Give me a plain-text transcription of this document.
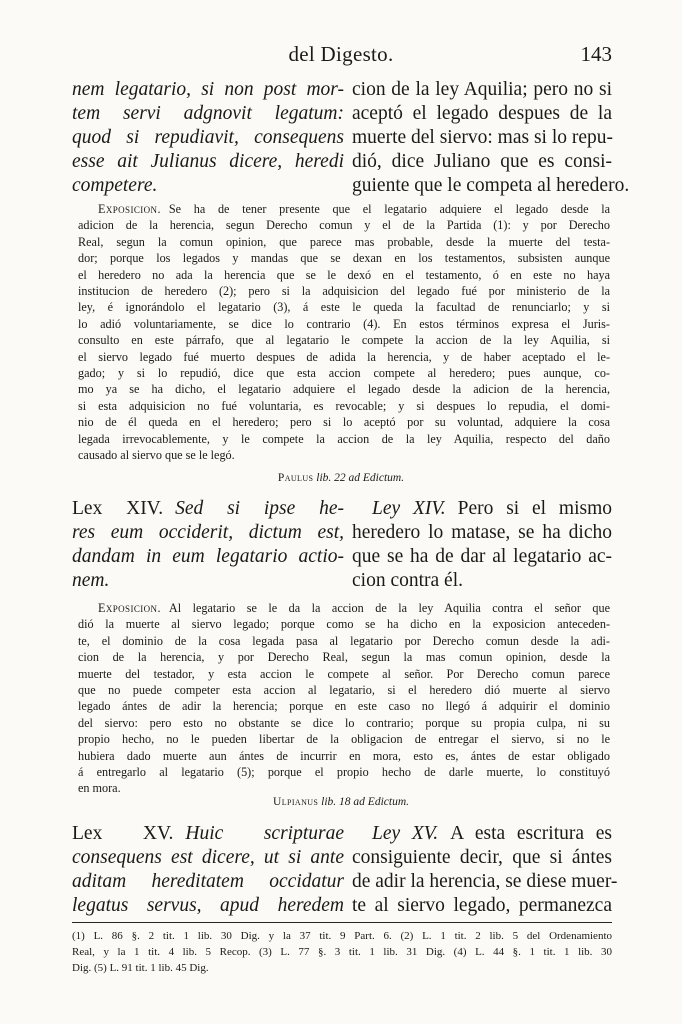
del Digesto.	143
nem legatario, si non post mor-
tem servi adgnovit legatum:
quod si repudiavit, consequens
esse ait Julianus dicere, heredi
competere.
cion de la ley Aquilia; pero no si
aceptó el legado despues de la
muerte del siervo: mas si lo repu-
dió, dice Juliano que es consi-
guiente que le competa al heredero.
Exposicion. Se ha de tener presente que el legatario adquiere el legado desde la
adicion de la herencia, segun Derecho comun y el de la Partida (1): y por Derecho
Real, segun la comun opinion, que parece mas probable, desde la muerte del testa-
dor; porque los legados y mandas que se dexan en los testamentos, subsisten aunque
el heredero no ada la herencia que se le dexó en el testamento, ó en este no haya
institucion de heredero (2); pero si la adquisicion del legado fué por ministerio de la
ley, é ignorándolo el legatario (3), á este le queda la facultad de renunciarlo; y si
lo adió voluntariamente, se dice lo contrario (4). En estos términos expresa el Juris-
consulto en este párrafo, que al legatario le compete la accion de la ley Aquilia, si
el siervo legado fué muerto despues de adida la herencia, y de haber aceptado el le-
gado; y si lo repudió, dice que esta accion compete al heredero; pues aunque, co-
mo ya se ha dicho, el legatario adquiere el legado desde la adicion de la herencia,
si esta adquisicion no fué voluntaria, es revocable; y si despues lo repudia, el domi-
nio de él queda en el heredero; pero si lo aceptó por su voluntad, adquiere la cosa
legada irrevocablemente, y le compete la accion de la ley Aquilia, respecto del daño
causado al siervo que se le legó.
Paulus lib. 22 ad Edictum.
Lex XIV. Sed si ipse he-
res eum occiderit, dictum est,
dandam in eum legatario actio-
nem.
Ley XIV. Pero si el mismo
heredero lo matase, se ha dicho
que se ha de dar al legatario ac-
cion contra él.
Exposicion. Al legatario se le da la accion de la ley Aquilia contra el señor que
dió la muerte al siervo legado; porque como se ha dicho en la exposicion anteceden-
te, el dominio de la cosa legada pasa al legatario por Derecho comun desde la adi-
cion de la herencia, y por Derecho Real, segun la mas comun opinion, desde la
muerte del testador, y esta accion le compete al señor. Por Derecho comun parece
que no puede competer esta accion al legatario, si el heredero dió muerte al siervo
legado ántes de adir la herencia; porque en este caso no llegó á adquirir el dominio
del siervo: pero esto no obstante se dice lo contrario; porque su propia culpa, ni su
propio hecho, no le pueden libertar de la obligacion de entregar el siervo, si no le
hubiera dado muerte aun ántes de incurrir en mora, esto es, ántes de estar obligado
á entregarlo al legatario (5); porque el propio hecho de darle muerte, lo constituyó
en mora.
Ulpianus lib. 18 ad Edictum.
Lex XV. Huic scripturae
consequens est dicere, ut si ante
aditam hereditatem occidatur
legatus servus, apud heredem
Ley XV. A esta escritura es
consiguiente decir, que si ántes
de adir la herencia, se diese muer-
te al siervo legado, permanezca
(1) L. 86 §. 2 tit. 1 lib. 30 Dig. y la 37 tit. 9 Part. 6. (2) L. 1 tit. 2 lib. 5 del Ordenamiento
Real, y la 1 tit. 4 lib. 5 Recop. (3) L. 77 §. 3 tit. 1 lib. 31 Dig. (4) L. 44 §. 1 tit. 1 lib. 30
Dig. (5) L. 91 tit. 1 lib. 45 Dig.
